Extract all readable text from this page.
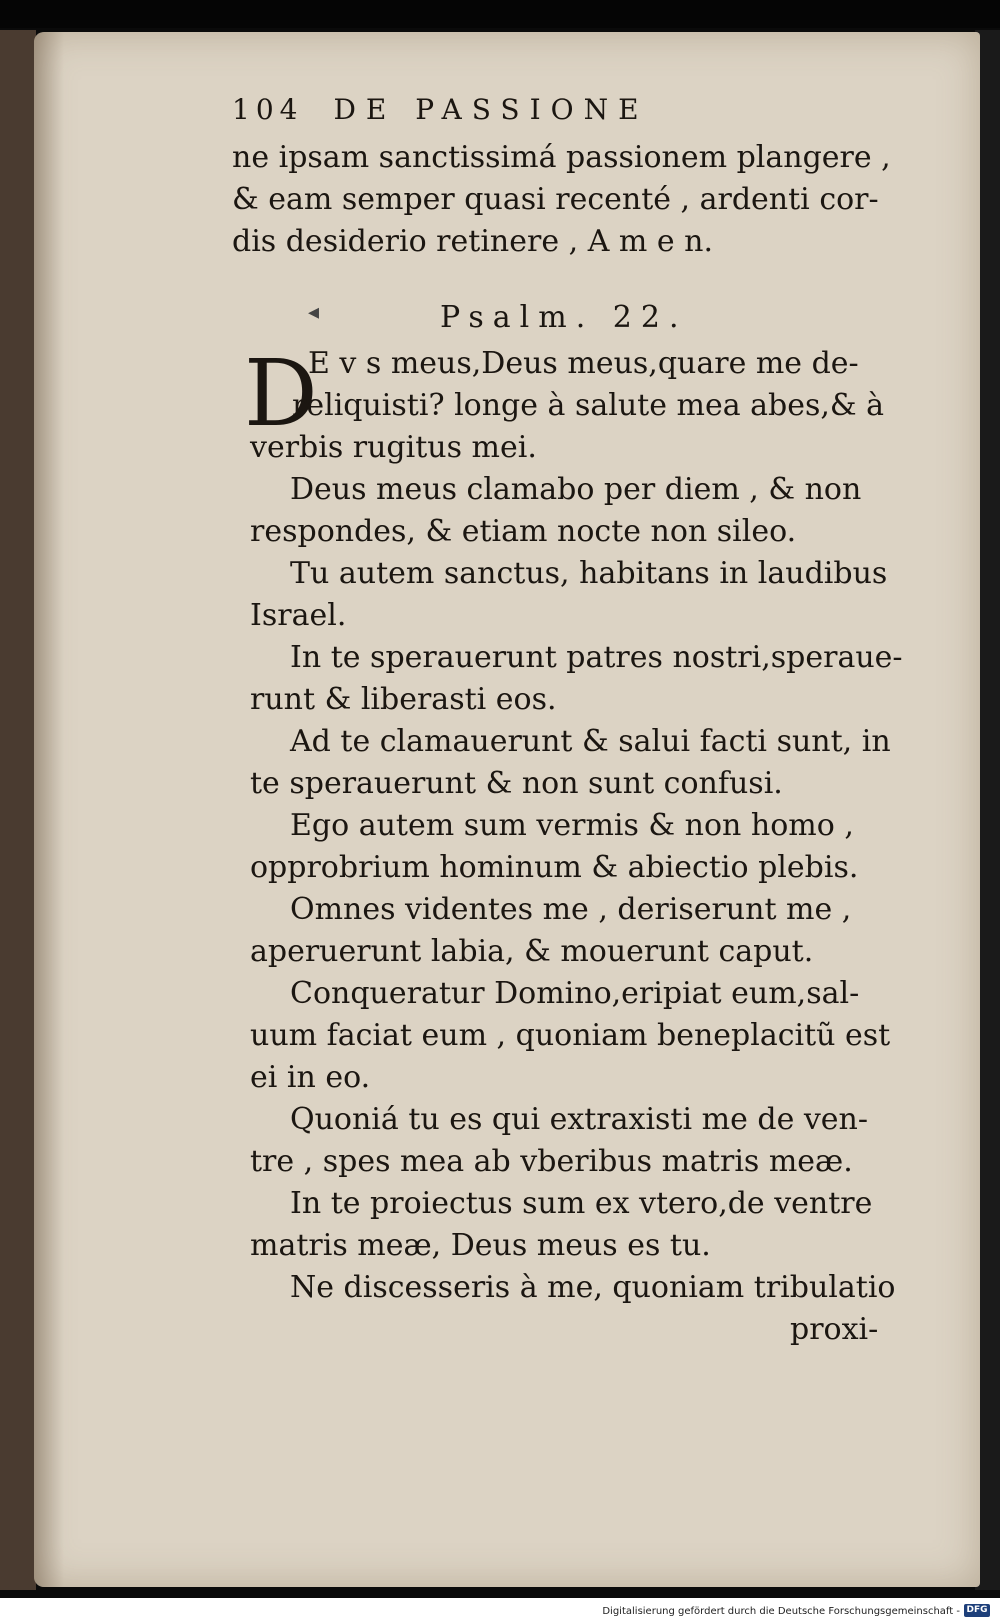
104 DE PASSIONE
ne ipsam sanctissimá passionem plangere ,
& eam semper quasi recenté , ardenti cor-
dis desiderio retinere , A m e n.
◂	Psalm. 22.
D
E v s meus,Deus meus,quare me de-
reliquisti? longe à salute mea abes,& à
verbis rugitus mei.
Deus meus clamabo per diem , & non
respondes, & etiam nocte non sileo.
Tu autem sanctus, habitans in laudibus
Israel.
In te sperauerunt patres nostri,sperauе-
runt & liberasti eos.
Ad te clamauerunt & salui facti sunt, in
te sperauerunt & non sunt confusi.
Ego autem sum vermis & non homo ,
opprobrium hominum & abiectio plebis.
Omnes videntes me , deriserunt me ,
aperuerunt labia, & mouerunt caput.
Conqueratur Domino,eripiat eum,sal-
uum faciat eum , quoniam beneplacitũ est
ei in eo.
Quoniá tu es qui extraxisti me de ven-
tre , spes mea ab vberibus matris meæ.
In te proiectus sum ex vtero,de ventre
matris meæ, Deus meus es tu.
Ne discesseris à me, quoniam tribulatio
proxi-
Digitalisierung gefördert durch die Deutsche Forschungsgemeinschaft - DFG
